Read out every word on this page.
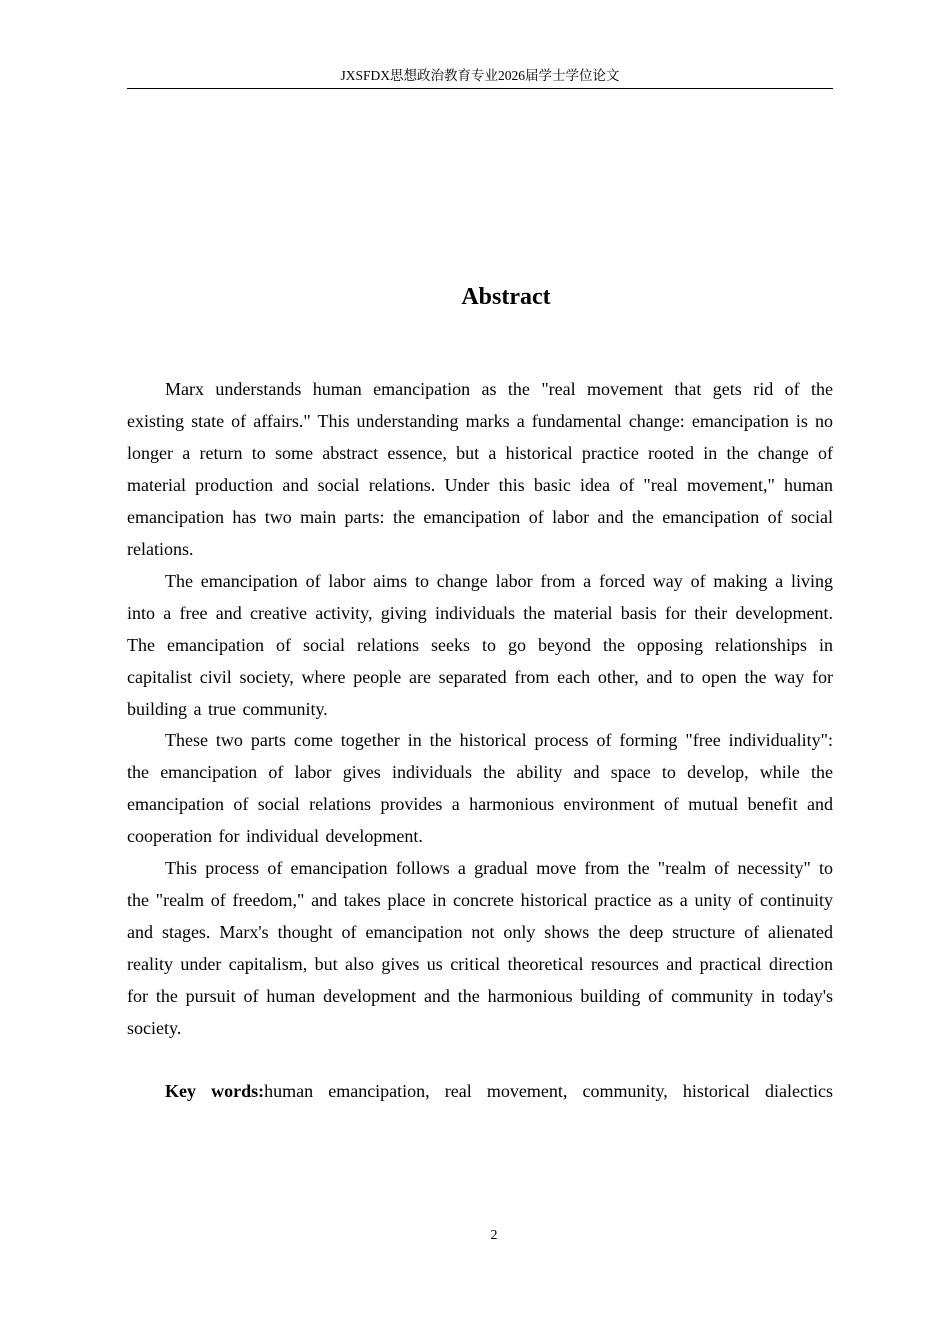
JXSFDX思想政治教育专业2026届学士学位论文
Abstract

Marx understands human emancipation as the "real movement that gets rid of the existing state of affairs." This understanding marks a fundamental change: emancipation is no longer a return to some abstract essence, but a historical practice rooted in the change of material production and social relations. Under this basic idea of "real movement," human emancipation has two main parts: the emancipation of labor and the emancipation of social relations.

The emancipation of labor aims to change labor from a forced way of making a living into a free and creative activity, giving individuals the material basis for their development. The emancipation of social relations seeks to go beyond the opposing relationships in capitalist civil society, where people are separated from each other, and to open the way for building a true community.

These two parts come together in the historical process of forming "free individuality": the emancipation of labor gives individuals the ability and space to develop, while the emancipation of social relations provides a harmonious environment of mutual benefit and cooperation for individual development.

This process of emancipation follows a gradual move from the "realm of necessity" to the "realm of freedom," and takes place in concrete historical practice as a unity of continuity and stages. Marx's thought of emancipation not only shows the deep structure of alienated reality under capitalism, but also gives us critical theoretical resources and practical direction for the pursuit of human development and the harmonious building of community in today's society.

Key words:human emancipation, real movement, community, historical dialectics

2
